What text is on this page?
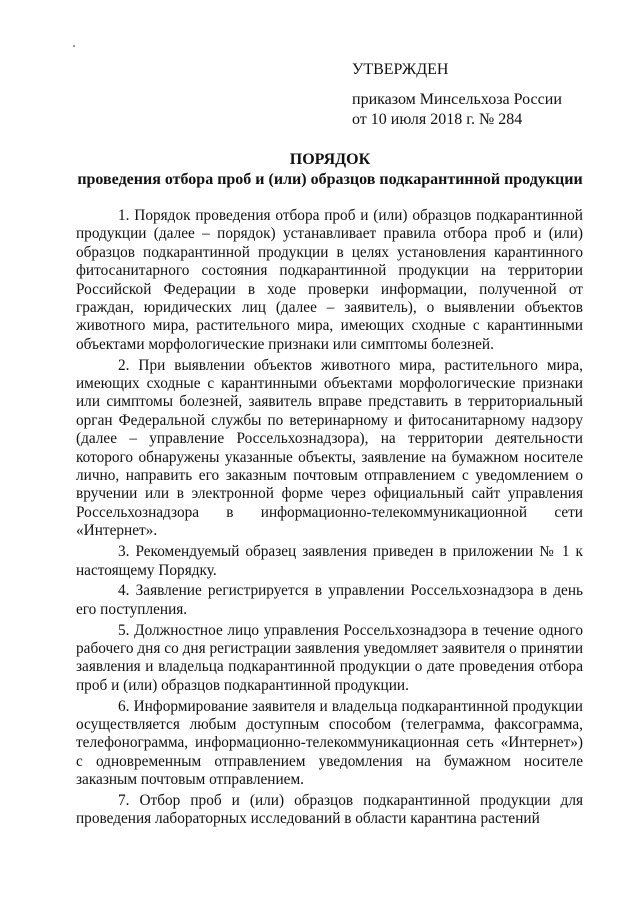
УТВЕРЖДЕН
приказом Минсельхоза России
от 10 июля 2018 г. № 284
ПОРЯДОК
проведения отбора проб и (или) образцов подкарантинной продукции

1. Порядок проведения отбора проб и (или) образцов подкарантинной продукции (далее – порядок) устанавливает правила отбора проб и (или) образцов подкарантинной продукции в целях установления карантинного фитосанитарного состояния подкарантинной продукции на территории Российской Федерации в ходе проверки информации, полученной от граждан, юридических лиц (далее – заявитель), о выявлении объектов животного мира, растительного мира, имеющих сходные с карантинными объектами морфологические признаки или симптомы болезней.

2. При выявлении объектов животного мира, растительного мира, имеющих сходные с карантинными объектами морфологические признаки или симптомы болезней, заявитель вправе представить в территориальный орган Федеральной службы по ветеринарному и фитосанитарному надзору (далее – управление Россельхознадзора), на территории деятельности которого обнаружены указанные объекты, заявление на бумажном носителе лично, направить его заказным почтовым отправлением с уведомлением о вручении или в электронной форме через официальный сайт управления Россельхознадзора в информационно-телекоммуникационной сети «Интернет».

3. Рекомендуемый образец заявления приведен в приложении № 1 к настоящему Порядку.

4. Заявление регистрируется в управлении Россельхознадзора в день его поступления.

5. Должностное лицо управления Россельхознадзора в течение одного рабочего дня со дня регистрации заявления уведомляет заявителя о принятии заявления и владельца подкарантинной продукции о дате проведения отбора проб и (или) образцов подкарантинной продукции.

6. Информирование заявителя и владельца подкарантинной продукции осуществляется любым доступным способом (телеграмма, факсограмма, телефонограмма, информационно-телекоммуникационная сеть «Интернет») с одновременным отправлением уведомления на бумажном носителе заказным почтовым отправлением.

7. Отбор проб и (или) образцов подкарантинной продукции для проведения лабораторных исследований в области карантина растений
